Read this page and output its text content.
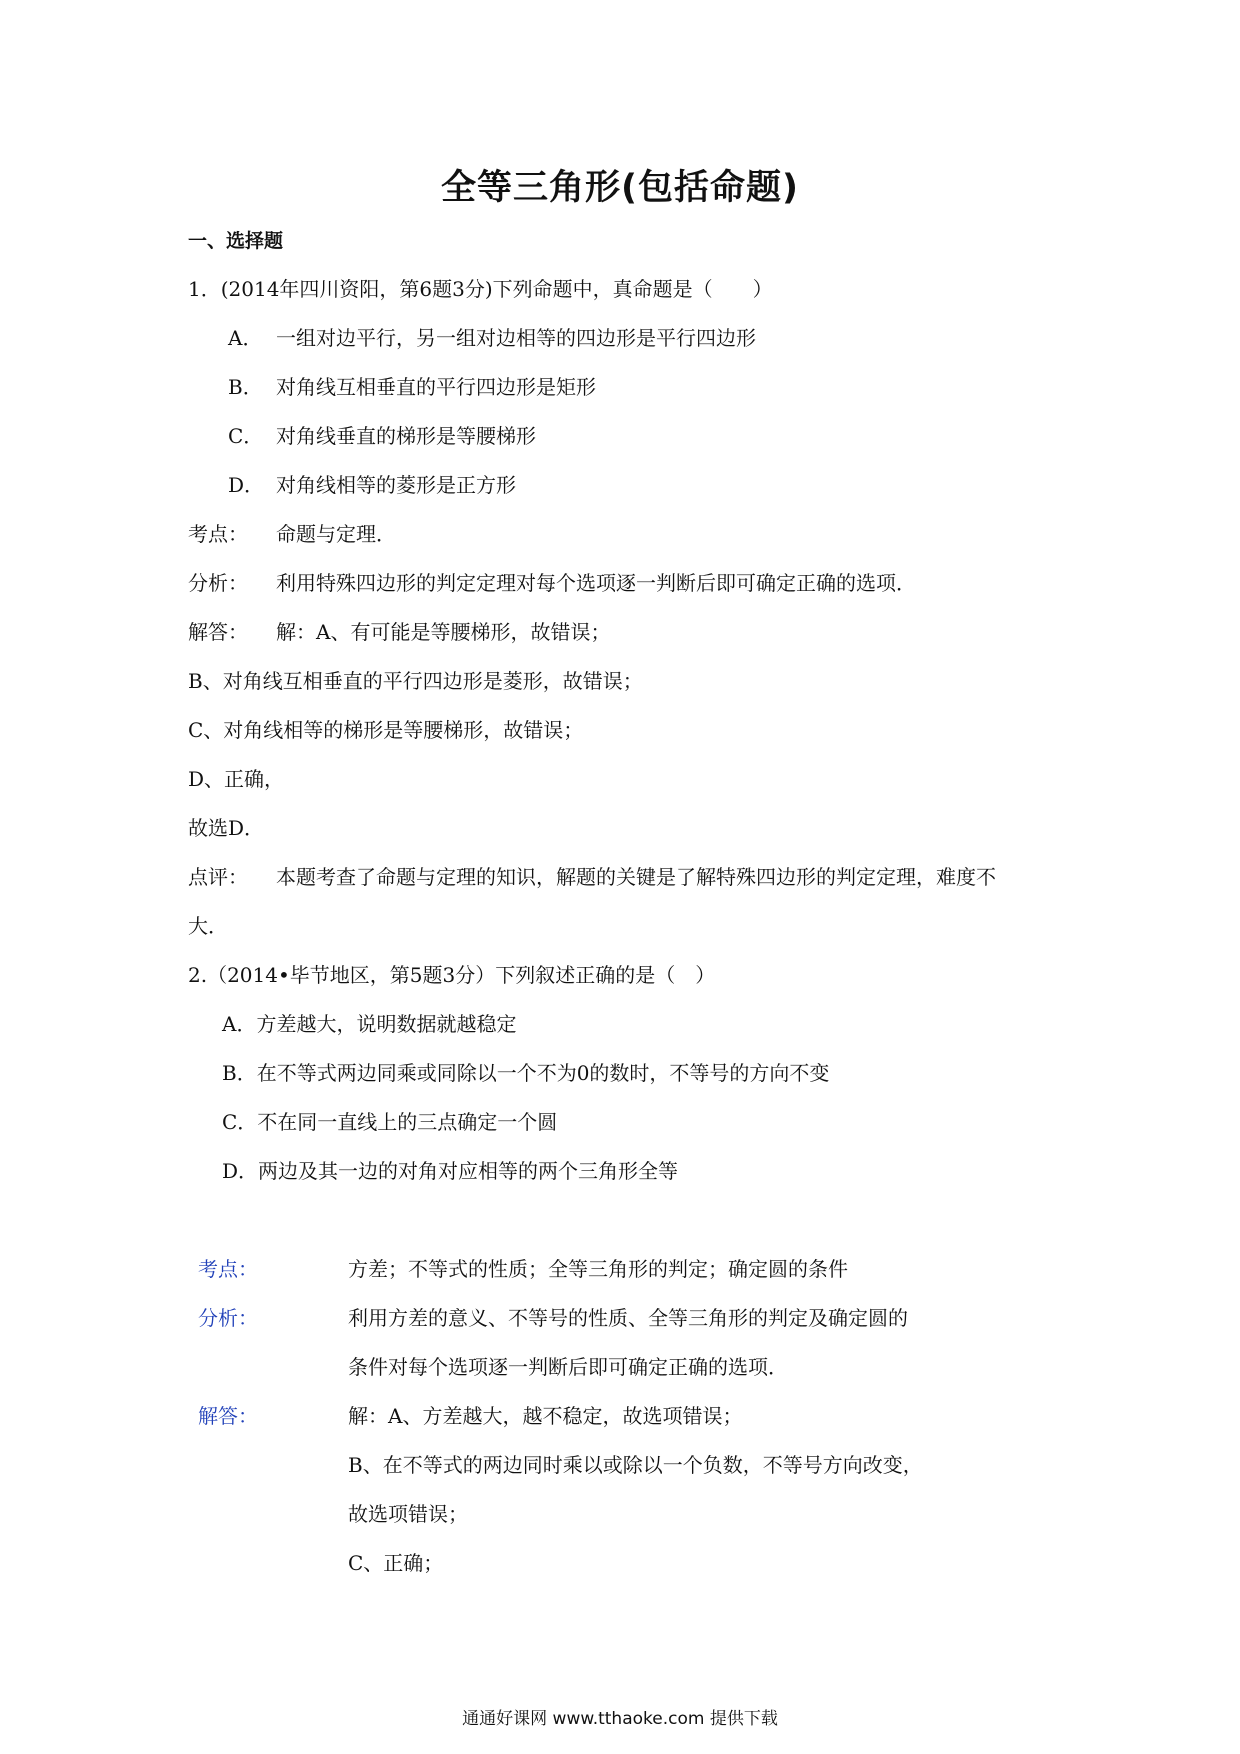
全等三角形(包括命题)
一、选择题
1．(2014年四川资阳，第6题3分)下列命题中，真命题是（　　）
A． 一组对边平行，另一组对边相等的四边形是平行四边形
B． 对角线互相垂直的平行四边形是矩形
C． 对角线垂直的梯形是等腰梯形
D． 对角线相等的菱形是正方形
考点： 命题与定理．
分析： 利用特殊四边形的判定定理对每个选项逐一判断后即可确定正确的选项．
解答： 解：A、有可能是等腰梯形，故错误；
B、对角线互相垂直的平行四边形是菱形，故错误；
C、对角线相等的梯形是等腰梯形，故错误；
D、正确，
故选D．
点评： 本题考查了命题与定理的知识，解题的关键是了解特殊四边形的判定定理，难度不
大．
2.（2014•毕节地区，第5题3分）下列叙述正确的是（　）
A．方差越大，说明数据就越稳定
B．在不等式两边同乘或同除以一个不为0的数时，不等号的方向不变
C．不在同一直线上的三点确定一个圆
D．两边及其一边的对角对应相等的两个三角形全等
考点：	方差；不等式的性质；全等三角形的判定；确定圆的条件
分析：	利用方差的意义、不等号的性质、全等三角形的判定及确定圆的
条件对每个选项逐一判断后即可确定正确的选项．
解答：	解：A、方差越大，越不稳定，故选项错误；
B、在不等式的两边同时乘以或除以一个负数，不等号方向改变，
故选项错误；
C、正确；
通通好课网 www.tthaoke.com 提供下载
